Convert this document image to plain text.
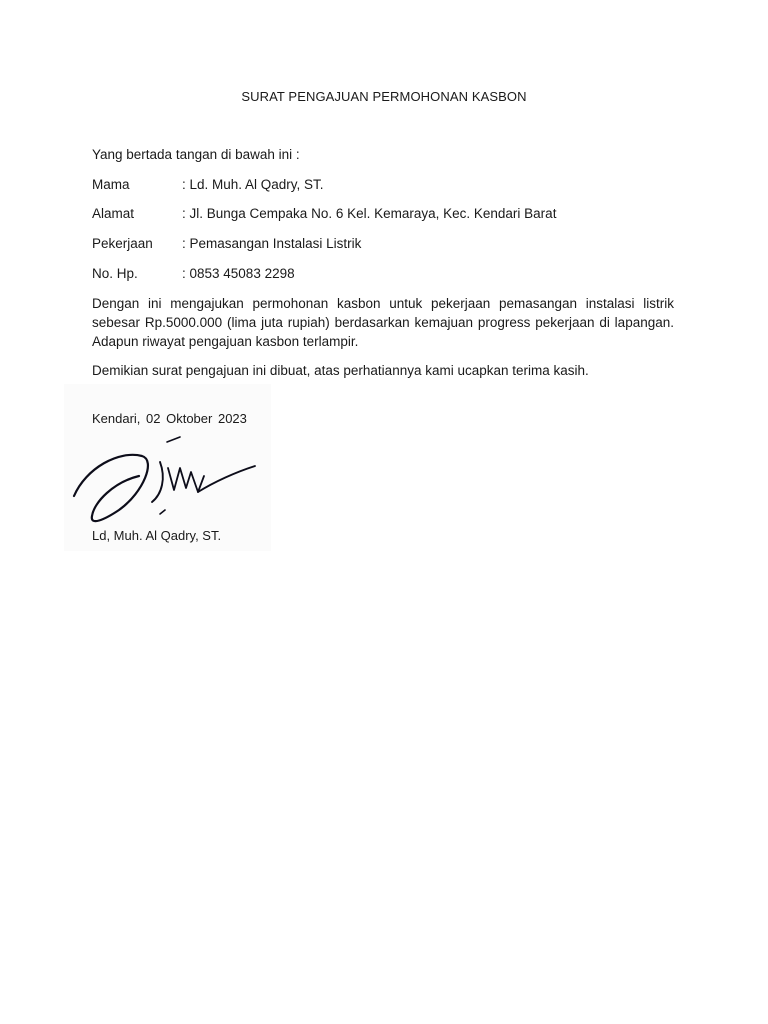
SURAT PENGAJUAN PERMOHONAN KASBON
Yang bertada tangan di bawah ini :
Mama	: Ld. Muh. Al Qadry, ST.
Alamat	: Jl. Bunga Cempaka No. 6 Kel. Kemaraya, Kec. Kendari Barat
Pekerjaan : Pemasangan Instalasi Listrik
No. Hp.	: 0853 45083 2298
Dengan ini mengajukan permohonan kasbon untuk pekerjaan pemasangan instalasi listrik sebesar Rp.5000.000 (lima juta rupiah) berdasarkan kemajuan progress pekerjaan di lapangan. Adapun riwayat pengajuan kasbon terlampir.
Demikian surat pengajuan ini dibuat, atas perhatiannya kami ucapkan terima kasih.
Kendari, 02 Oktober 2023
Ld, Muh. Al Qadry, ST.
